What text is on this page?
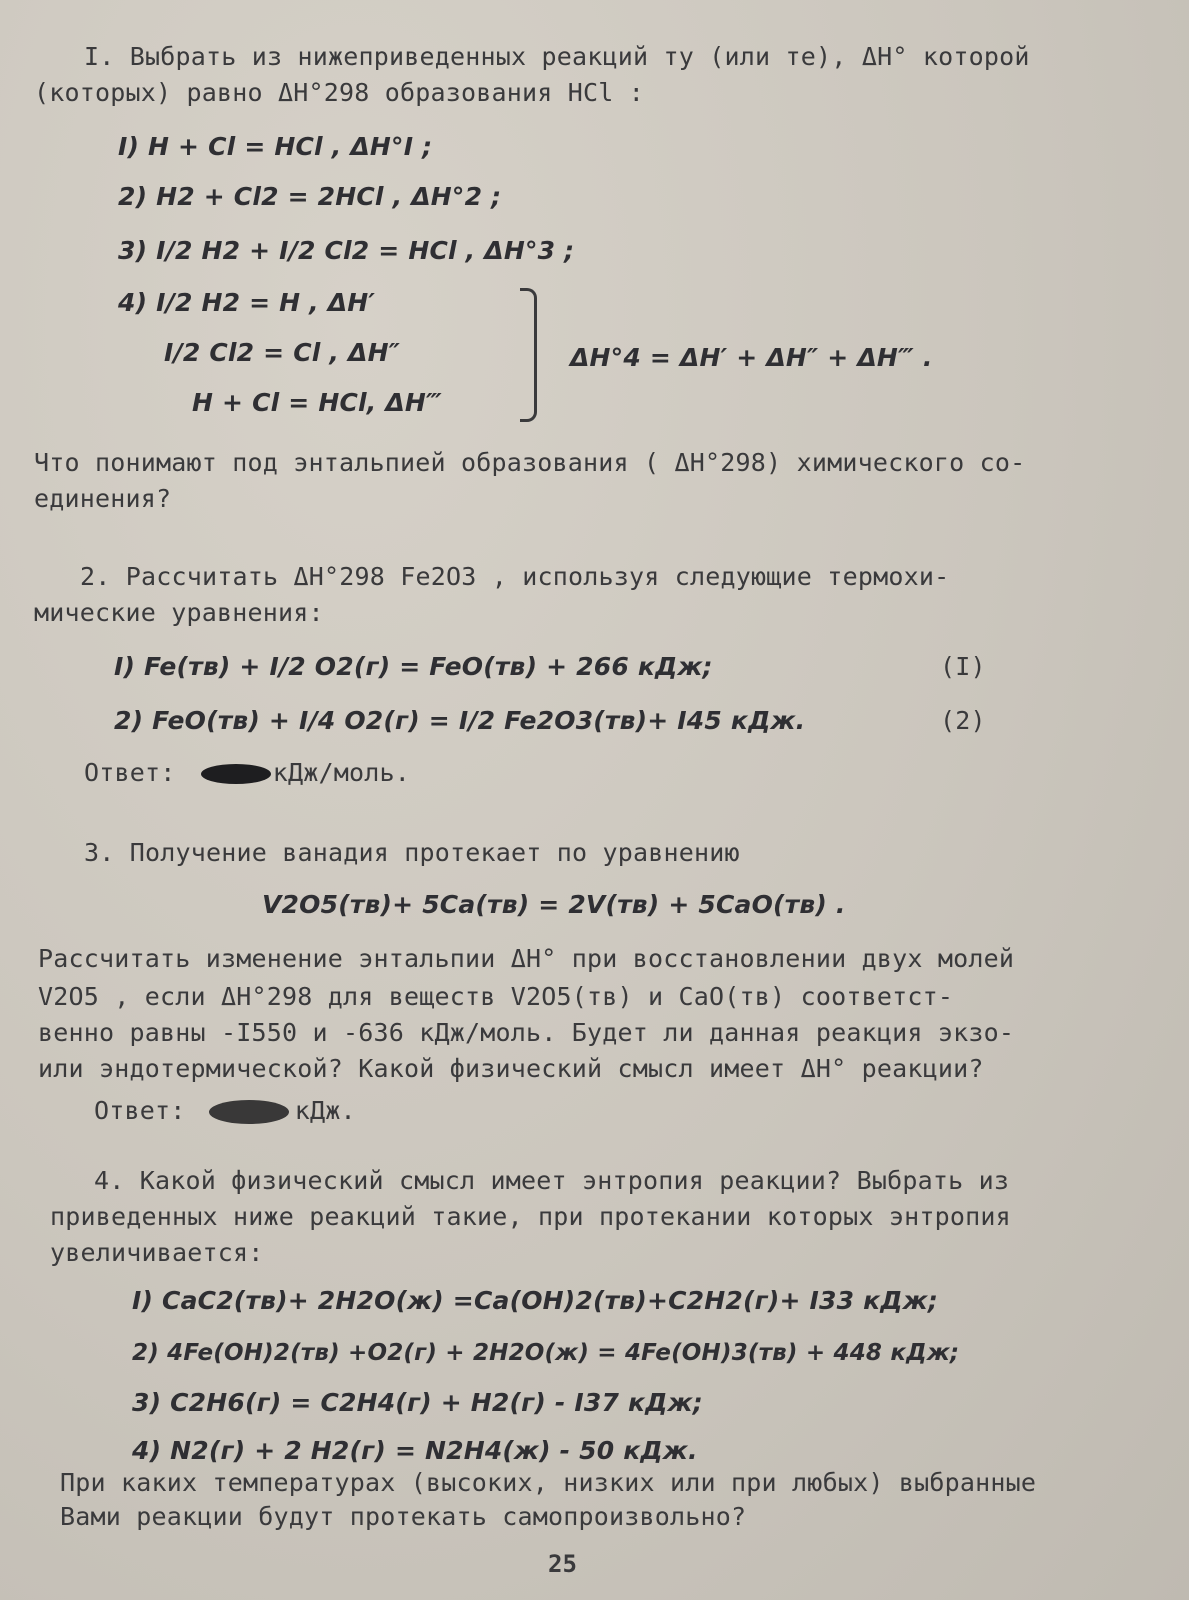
I. Выбрать из нижеприведенных реакций ту (или те), ΔH° которой
(которых) равно ΔH°298 образования HCl :
I) H + Cl = HCl , ΔH°I ;
2) H2 + Cl2 = 2HCl , ΔH°2 ;
3) I/2 H2 + I/2 Cl2 = HCl , ΔH°3 ;
4) I/2 H2 = H , ΔH′
I/2 Cl2 = Cl , ΔH″
H + Cl = HCl, ΔH‴
ΔH°4 = ΔH′ + ΔH″ + ΔH‴ .
Что понимают под энтальпией образования ( ΔH°298) химического со-
единения?
2. Рассчитать ΔH°298 Fe2O3 , используя следующие термохи-
мические уравнения:
I) Fe(тв) + I/2 O2(г) = FeO(тв) + 266 кДж;	(I)
2) FeO(тв) + I/4 O2(г) = I/2 Fe2O3(тв)+ I45 кДж.	(2)
Ответ:	кДж/моль.
3. Получение ванадия протекает по уравнению
V2O5(тв)+ 5Ca(тв) = 2V(тв) + 5CaO(тв) .
Рассчитать изменение энтальпии ΔH° при восстановлении двух молей
V2O5 , если ΔH°298 для веществ V2O5(тв) и CaO(тв) соответст-
венно равны -I550 и -636 кДж/моль. Будет ли данная реакция экзо-
или эндотермической? Какой физический смысл имеет ΔH° реакции?
Ответ:	кДж.
4. Какой физический смысл имеет энтропия реакции? Выбрать из
приведенных ниже реакций такие, при протекании которых энтропия
увеличивается:
I) CaC2(тв)+ 2H2O(ж) =Ca(OH)2(тв)+C2H2(г)+ I33 кДж;
2) 4Fe(OH)2(тв) +O2(г) + 2H2O(ж) = 4Fe(OH)3(тв) + 448 кДж;
3) C2H6(г) = C2H4(г) + H2(г) - I37 кДж;
4) N2(г) + 2 H2(г) = N2H4(ж) - 50 кДж.
При каких температурах (высоких, низких или при любых) выбранные
Вами реакции будут протекать самопроизвольно?
25
